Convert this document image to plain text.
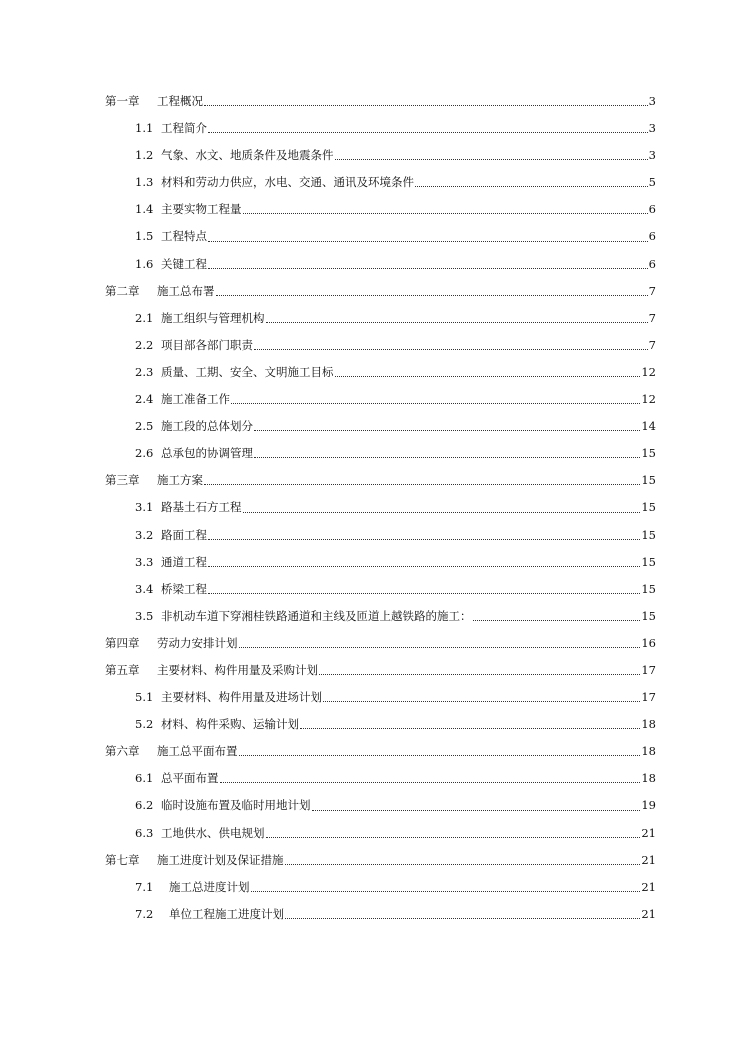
第一章	工程概况	3
1.1 工程简介	3
1.2 气象、水文、地质条件及地震条件	3
1.3 材料和劳动力供应，水电、交通、通讯及环境条件	5
1.4 主要实物工程量	6
1.5 工程特点	6
1.6 关键工程	6
第二章	施工总布署	7
2.1 施工组织与管理机构	7
2.2 项目部各部门职责	7
2.3 质量、工期、安全、文明施工目标	12
2.4 施工准备工作	12
2.5 施工段的总体划分	14
2.6 总承包的协调管理	15
第三章	施工方案	15
3.1 路基土石方工程	15
3.2 路面工程	15
3.3 通道工程	15
3.4 桥梁工程	15
3.5 非机动车道下穿湘桂铁路通道和主线及匝道上越铁路的施工：	15
第四章	劳动力安排计划	16
第五章	主要材料、构件用量及采购计划	17
5.1 主要材料、构件用量及进场计划	17
5.2 材料、构件采购、运输计划	18
第六章	施工总平面布置	18
6.1 总平面布置	18
6.2 临时设施布置及临时用地计划	19
6.3 工地供水、供电规划	21
第七章	施工进度计划及保证措施	21
7.1	施工总进度计划	21
7.2	单位工程施工进度计划	21
